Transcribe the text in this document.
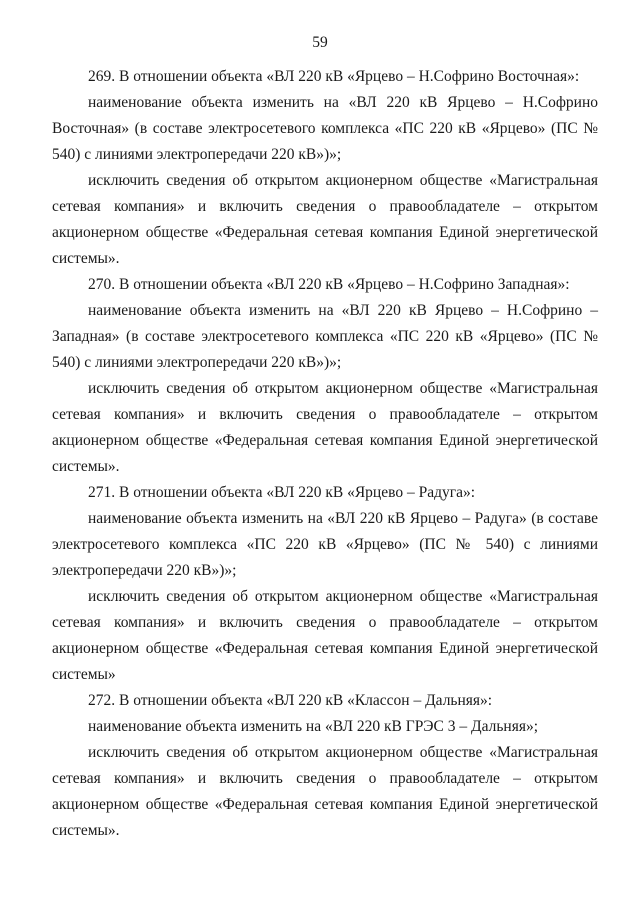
59

269. В отношении объекта «ВЛ 220 кВ «Ярцево – Н.Софрино Восточная»:

наименование объекта изменить на «ВЛ 220 кВ Ярцево – Н.Софрино Восточная» (в составе электросетевого комплекса «ПС 220 кВ «Ярцево» (ПС № 540) с линиями электропередачи 220 кВ»)»;

исключить сведения об открытом акционерном обществе «Магистральная сетевая компания» и включить сведения о правообладателе – открытом акционерном обществе «Федеральная сетевая компания Единой энергетической системы».

270. В отношении объекта «ВЛ 220 кВ «Ярцево – Н.Софрино Западная»:

наименование объекта изменить на «ВЛ 220 кВ Ярцево – Н.Софрино – Западная» (в составе электросетевого комплекса «ПС 220 кВ «Ярцево» (ПС № 540) с линиями электропередачи 220 кВ»)»;

исключить сведения об открытом акционерном обществе «Магистральная сетевая компания» и включить сведения о правообладателе – открытом акционерном обществе «Федеральная сетевая компания Единой энергетической системы».

271. В отношении объекта «ВЛ 220 кВ «Ярцево – Радуга»:

наименование объекта изменить на «ВЛ 220 кВ Ярцево – Радуга» (в составе электросетевого комплекса «ПС 220 кВ «Ярцево» (ПС № 540) с линиями электропередачи 220 кВ»)»;

исключить сведения об открытом акционерном обществе «Магистральная сетевая компания» и включить сведения о правообладателе – открытом акционерном обществе «Федеральная сетевая компания Единой энергетической системы»

272. В отношении объекта «ВЛ 220 кВ «Классон – Дальняя»:

наименование объекта изменить на «ВЛ 220 кВ ГРЭС 3 – Дальняя»;

исключить сведения об открытом акционерном обществе «Магистральная сетевая компания» и включить сведения о правообладателе – открытом акционерном обществе «Федеральная сетевая компания Единой энергетической системы».
